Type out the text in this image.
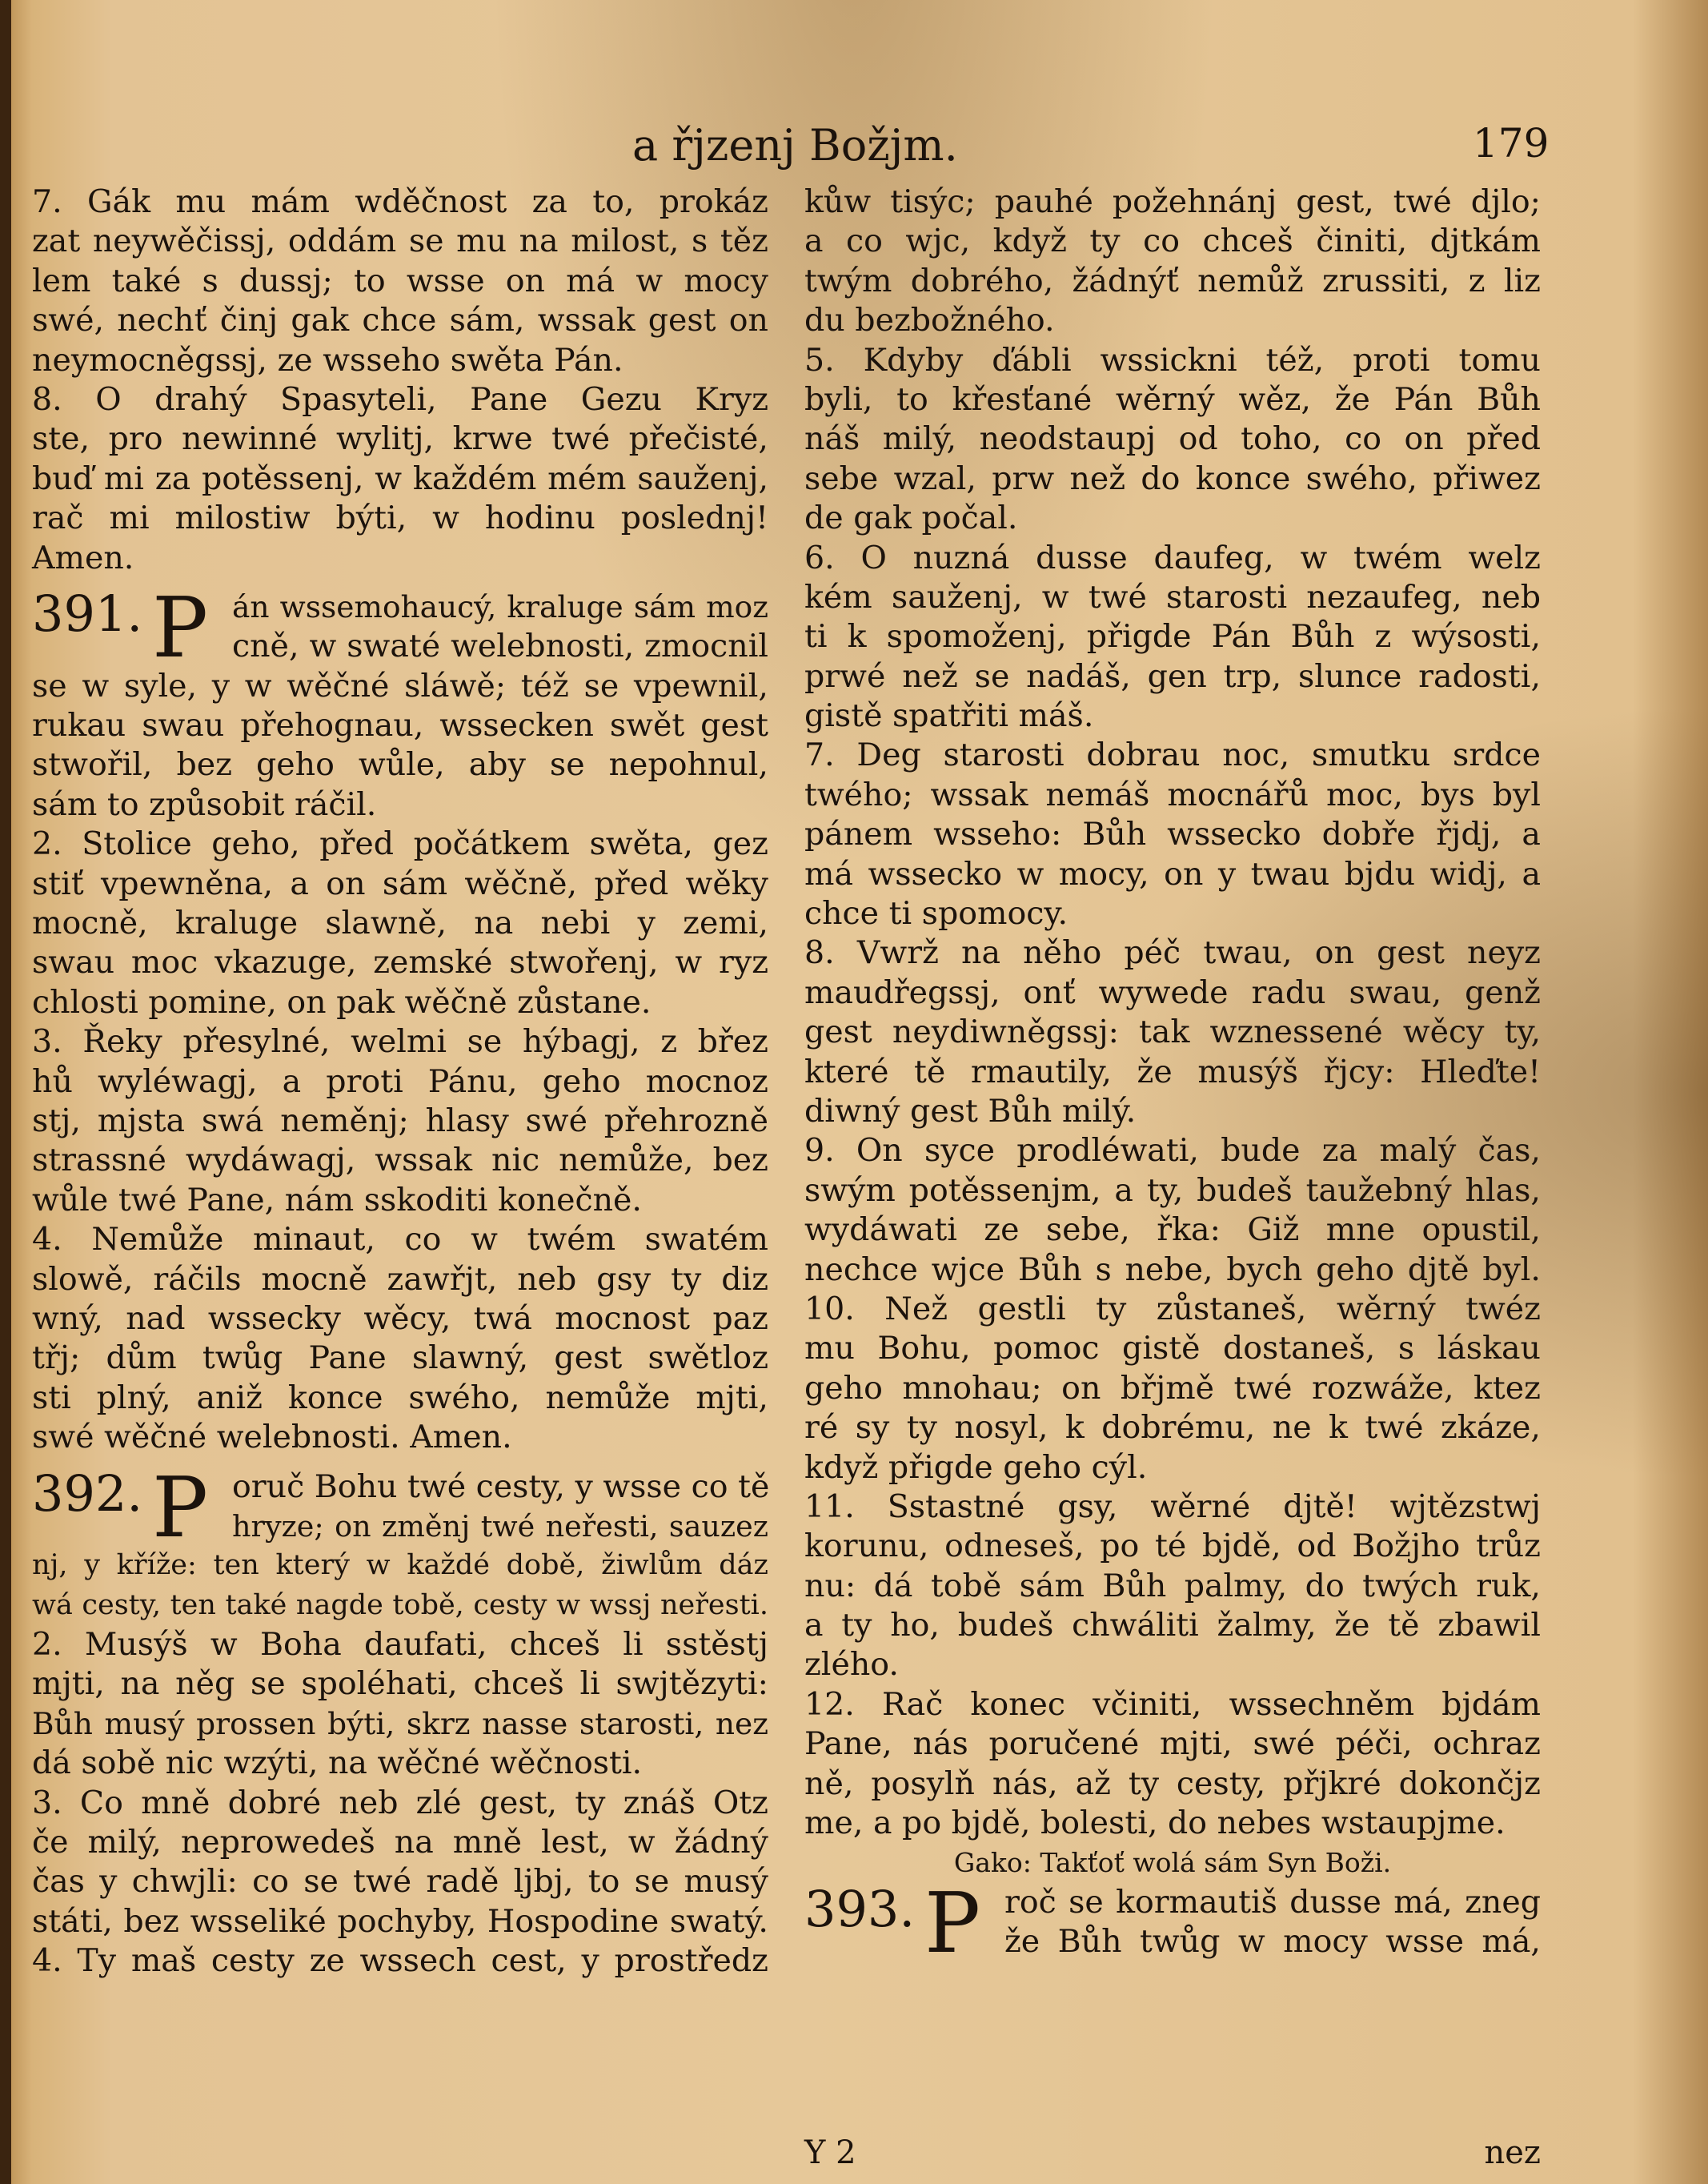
a řjzenj Božjm.	179
7. Gák mu mám wděčnost za to, prokáz
zat neywěčissj, oddám se mu na milost, s těz
lem také s dussj; to wsse on má w mocy
swé, nechť činj gak chce sám, wssak gest on
neymocněgssj, ze wsseho swěta Pán.
8. O drahý Spasyteli, Pane Gezu Kryz
ste, pro newinné wylitj, krwe twé přečisté,
buď mi za potěssenj, w každém mém sauženj,
rač mi milostiw býti, w hodinu poslednj!
Amen.
391. P án wssemohaucý, kraluge sám moz
cně, w swaté welebnosti, zmocnil
se w syle, y w wěčné sláwě; též se vpewnil,
rukau swau přehognau, wssecken swět gest
stwořil, bez geho wůle, aby se nepohnul,
sám to způsobit ráčil.
2. Stolice geho, před počátkem swěta, gez
stiť vpewněna, a on sám wěčně, před wěky
mocně, kraluge slawně, na nebi y zemi,
swau moc vkazuge, zemské stwořenj, w ryz
chlosti pomine, on pak wěčně zůstane.
3. Řeky přesylné, welmi se hýbagj, z břez
hů wyléwagj, a proti Pánu, geho mocnoz
stj, mjsta swá neměnj; hlasy swé přehrozně
strassné wydáwagj, wssak nic nemůže, bez
wůle twé Pane, nám sskoditi konečně.
4. Nemůže minaut, co w twém swatém
slowě, ráčils mocně zawřjt, neb gsy ty diz
wný, nad wssecky wěcy, twá mocnost paz
třj; dům twůg Pane slawný, gest swětloz
sti plný, aniž konce swého, nemůže mjti,
swé wěčné welebnosti. Amen.
392. P oruč Bohu twé cesty, y wsse co tě
hryze; on změnj twé neřesti, sauzez
nj, y kříže: ten který w každé době, žiwlům dáz
wá cesty, ten také nagde tobě, cesty w wssj neřesti.
2. Musýš w Boha daufati, chceš li sstěstj
mjti, na něg se spoléhati, chceš li swjtězyti:
Bůh musý prossen býti, skrz nasse starosti, nez
dá sobě nic wzýti, na wěčné wěčnosti.
3. Co mně dobré neb zlé gest, ty znáš Otz
če milý, neprowedeš na mně lest, w žádný
čas y chwjli: co se twé radě ljbj, to se musý
státi, bez wsseliké pochyby, Hospodine swatý.
4. Ty maš cesty ze wssech cest, y prostředz
kůw tisýc; pauhé požehnánj gest, twé djlo;
a co wjc, když ty co chceš činiti, djtkám
twým dobrého, žádnýť nemůž zrussiti, z liz
du bezbožného.
5. Kdyby ďábli wssickni též, proti tomu
byli, to křesťané wěrný wěz, že Pán Bůh
náš milý, neodstaupj od toho, co on před
sebe wzal, prw než do konce swého, přiwez
de gak počal.
6. O nuzná dusse daufeg, w twém welz
kém sauženj, w twé starosti nezaufeg, neb
ti k spomoženj, přigde Pán Bůh z wýsosti,
prwé než se nadáš, gen trp, slunce radosti,
gistě spatřiti máš.
7. Deg starosti dobrau noc, smutku srdce
twého; wssak nemáš mocnářů moc, bys byl
pánem wsseho: Bůh wssecko dobře řjdj, a
má wssecko w mocy, on y twau bjdu widj, a
chce ti spomocy.
8. Vwrž na něho péč twau, on gest neyz
maudřegssj, onť wywede radu swau, genž
gest neydiwněgssj: tak wznessené wěcy ty,
které tě rmautily, že musýš řjcy: Hleďte!
diwný gest Bůh milý.
9. On syce prodléwati, bude za malý čas,
swým potěssenjm, a ty, budeš taužebný hlas,
wydáwati ze sebe, řka: Giž mne opustil,
nechce wjce Bůh s nebe, bych geho djtě byl.
10. Než gestli ty zůstaneš, wěrný twéz
mu Bohu, pomoc gistě dostaneš, s láskau
geho mnohau; on břjmě twé rozwáže, ktez
ré sy ty nosyl, k dobrému, ne k twé zkáze,
když přigde geho cýl.
11. Sstastné gsy, wěrné djtě! wjtězstwj
korunu, odneseš, po té bjdě, od Božjho trůz
nu: dá tobě sám Bůh palmy, do twých ruk,
a ty ho, budeš chwáliti žalmy, že tě zbawil
zlého.
12. Rač konec včiniti, wssechněm bjdám
Pane, nás poručené mjti, swé péči, ochraz
ně, posylň nás, až ty cesty, přjkré dokončjz
me, a po bjdě, bolesti, do nebes wstaupjme.
Gako: Takťoť wolá sám Syn Boži.
393. P roč se kormautiš dusse má, zneg
že Bůh twůg w mocy wsse má,
Y 2	nez
